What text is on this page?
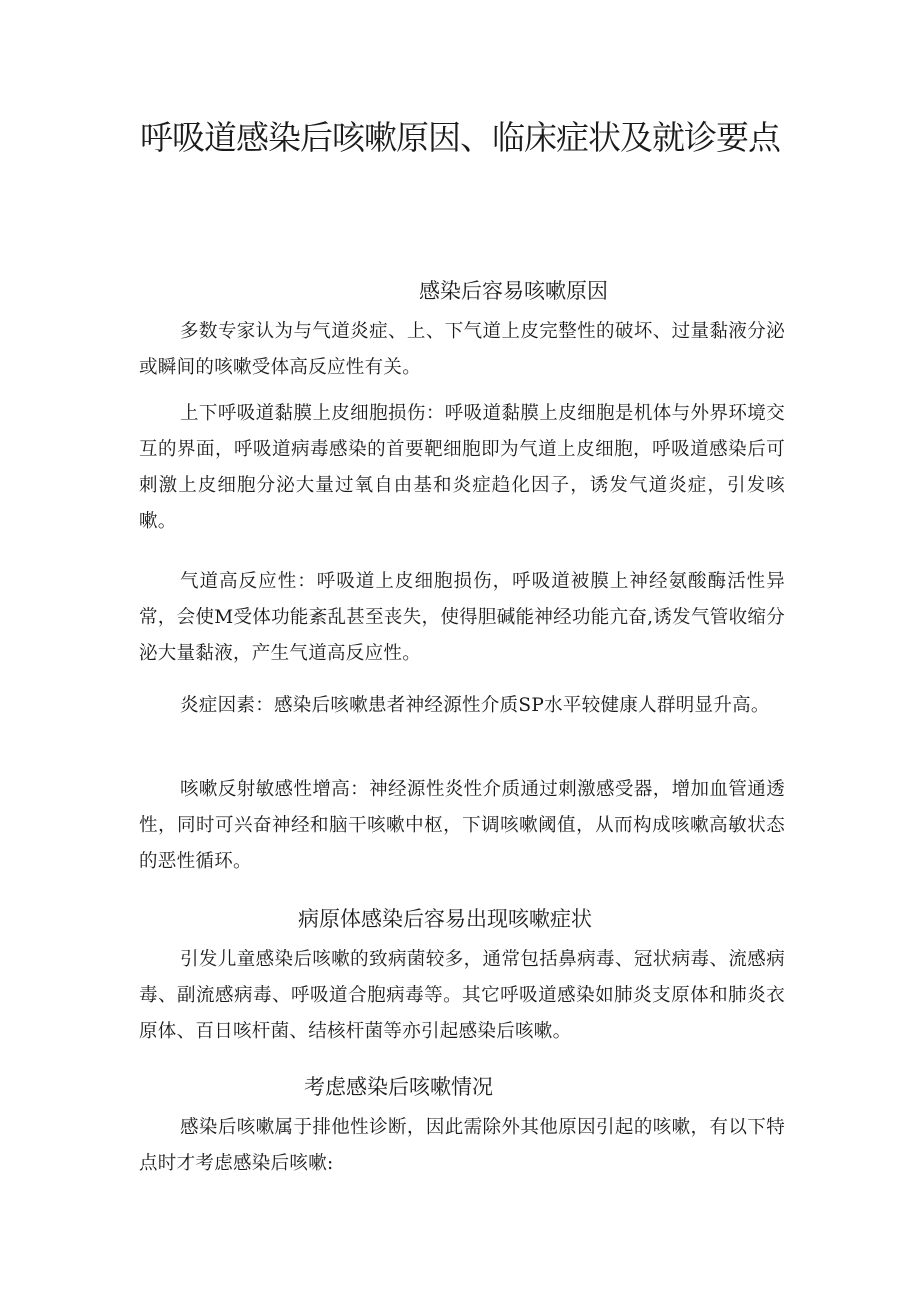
呼吸道感染后咳嗽原因、临床症状及就诊要点
感染后容易咳嗽原因

多数专家认为与气道炎症、上、下气道上皮完整性的破坏、过量黏液分泌或瞬间的咳嗽受体高反应性有关。

上下呼吸道黏膜上皮细胞损伤：呼吸道黏膜上皮细胞是机体与外界环境交互的界面，呼吸道病毒感染的首要靶细胞即为气道上皮细胞，呼吸道感染后可刺激上皮细胞分泌大量过氧自由基和炎症趋化因子，诱发气道炎症，引发咳嗽。

气道高反应性：呼吸道上皮细胞损伤，呼吸道被膜上神经氨酸酶活性异常，会使M受体功能紊乱甚至丧失，使得胆碱能神经功能亢奋,诱发气管收缩分泌大量黏液，产生气道高反应性。

炎症因素：感染后咳嗽患者神经源性介质SP水平较健康人群明显升高。

咳嗽反射敏感性增高：神经源性炎性介质通过刺激感受器，增加血管通透性，同时可兴奋神经和脑干咳嗽中枢，下调咳嗽阈值，从而构成咳嗽高敏状态的恶性循环。

病原体感染后容易出现咳嗽症状

引发儿童感染后咳嗽的致病菌较多，通常包括鼻病毒、冠状病毒、流感病毒、副流感病毒、呼吸道合胞病毒等。其它呼吸道感染如肺炎支原体和肺炎衣原体、百日咳杆菌、结核杆菌等亦引起感染后咳嗽。

考虑感染后咳嗽情况

感染后咳嗽属于排他性诊断，因此需除外其他原因引起的咳嗽，有以下特点时才考虑感染后咳嗽:
